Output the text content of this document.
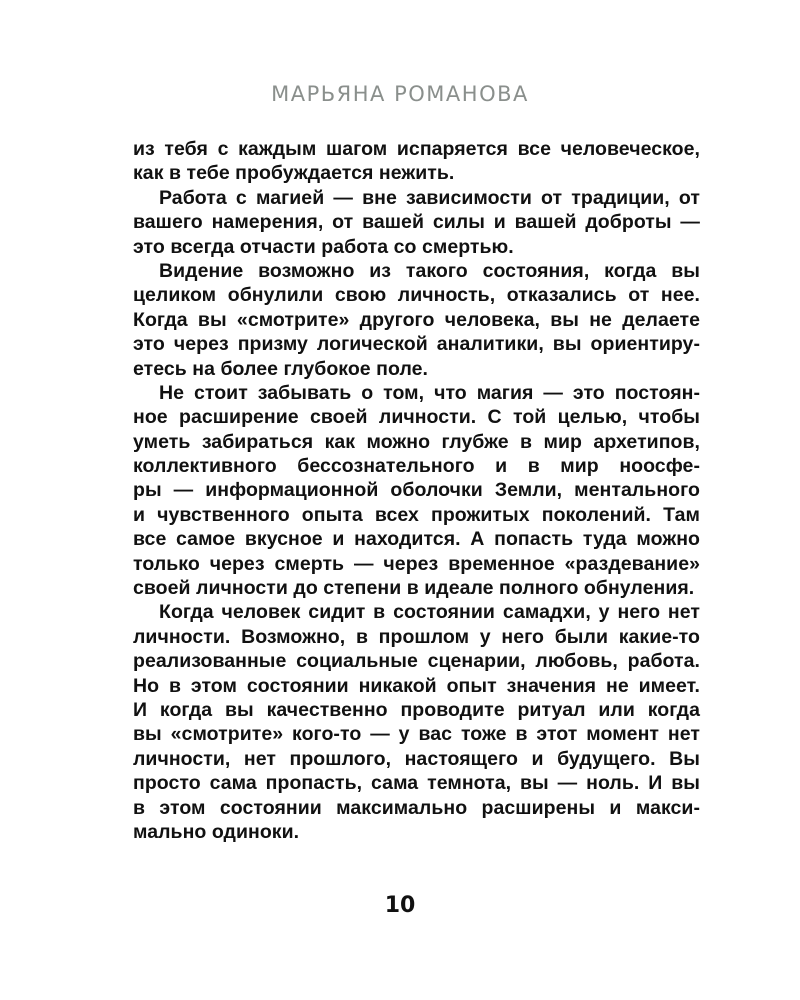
МАРЬЯНА РОМАНОВА
из тебя с каждым шагом испаряется все человеческое,
как в тебе пробуждается нежить.
Работа с магией — вне зависимости от традиции, от
вашего намерения, от вашей силы и вашей доброты —
это всегда отчасти работа со смертью.
Видение возможно из такого состояния, когда вы
целиком обнулили свою личность, отказались от нее.
Когда вы «смотрите» другого человека, вы не делаете
это через призму логической аналитики, вы ориентиру-
етесь на более глубокое поле.
Не стоит забывать о том, что магия — это постоян-
ное расширение своей личности. С той целью, чтобы
уметь забираться как можно глубже в мир архетипов,
коллективного бессознательного и в мир ноосфе-
ры — информационной оболочки Земли, ментального
и чувственного опыта всех прожитых поколений. Там
все самое вкусное и находится. А попасть туда можно
только через смерть — через временное «раздевание»
своей личности до степени в идеале полного обнуления.
Когда человек сидит в состоянии самадхи, у него нет
личности. Возможно, в прошлом у него были какие-то
реализованные социальные сценарии, любовь, работа.
Но в этом состоянии никакой опыт значения не имеет.
И когда вы качественно проводите ритуал или когда
вы «смотрите» кого-то — у вас тоже в этот момент нет
личности, нет прошлого, настоящего и будущего. Вы
просто сама пропасть, сама темнота, вы — ноль. И вы
в этом состоянии максимально расширены и макси-
мально одиноки.
10
